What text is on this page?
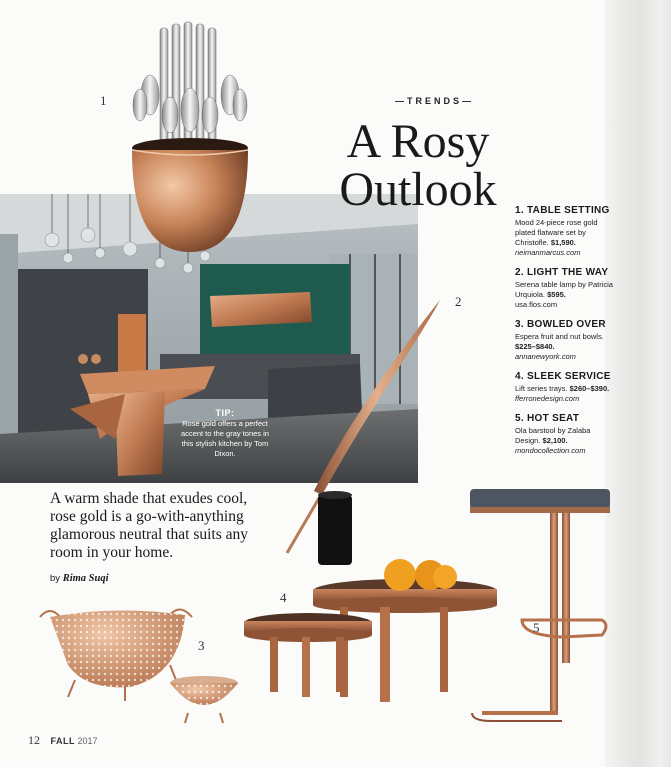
1
2
3
4
5
—TRENDS—
A Rosy
Outlook	1. TABLE SETTING
Mood 24-piece rose gold plated flatware set by Christofle. $1,590.
neimanmarcus.com
2. LIGHT THE WAY
Serena table lamp by Patricia Urquiola. $595.
usa.flos.com
3. BOWLED OVER
Espera fruit and nut bowls. $225–$840.
annanewyork.com
4. SLEEK SERVICE
Lift series trays. $260–$390.
fferronedesign.com
5. HOT SEAT
Ola barstool by Zalaba Design. $2,100.
mondocollection.com
TIP:
Rose gold offers a perfect accent to the gray tones in this stylish kitchen by Tom Dixon.
A warm shade that exudes cool, rose gold is a go-with-anything glamorous neutral that suits any room in your home.
by Rima Suqi
12 FALL 2017
